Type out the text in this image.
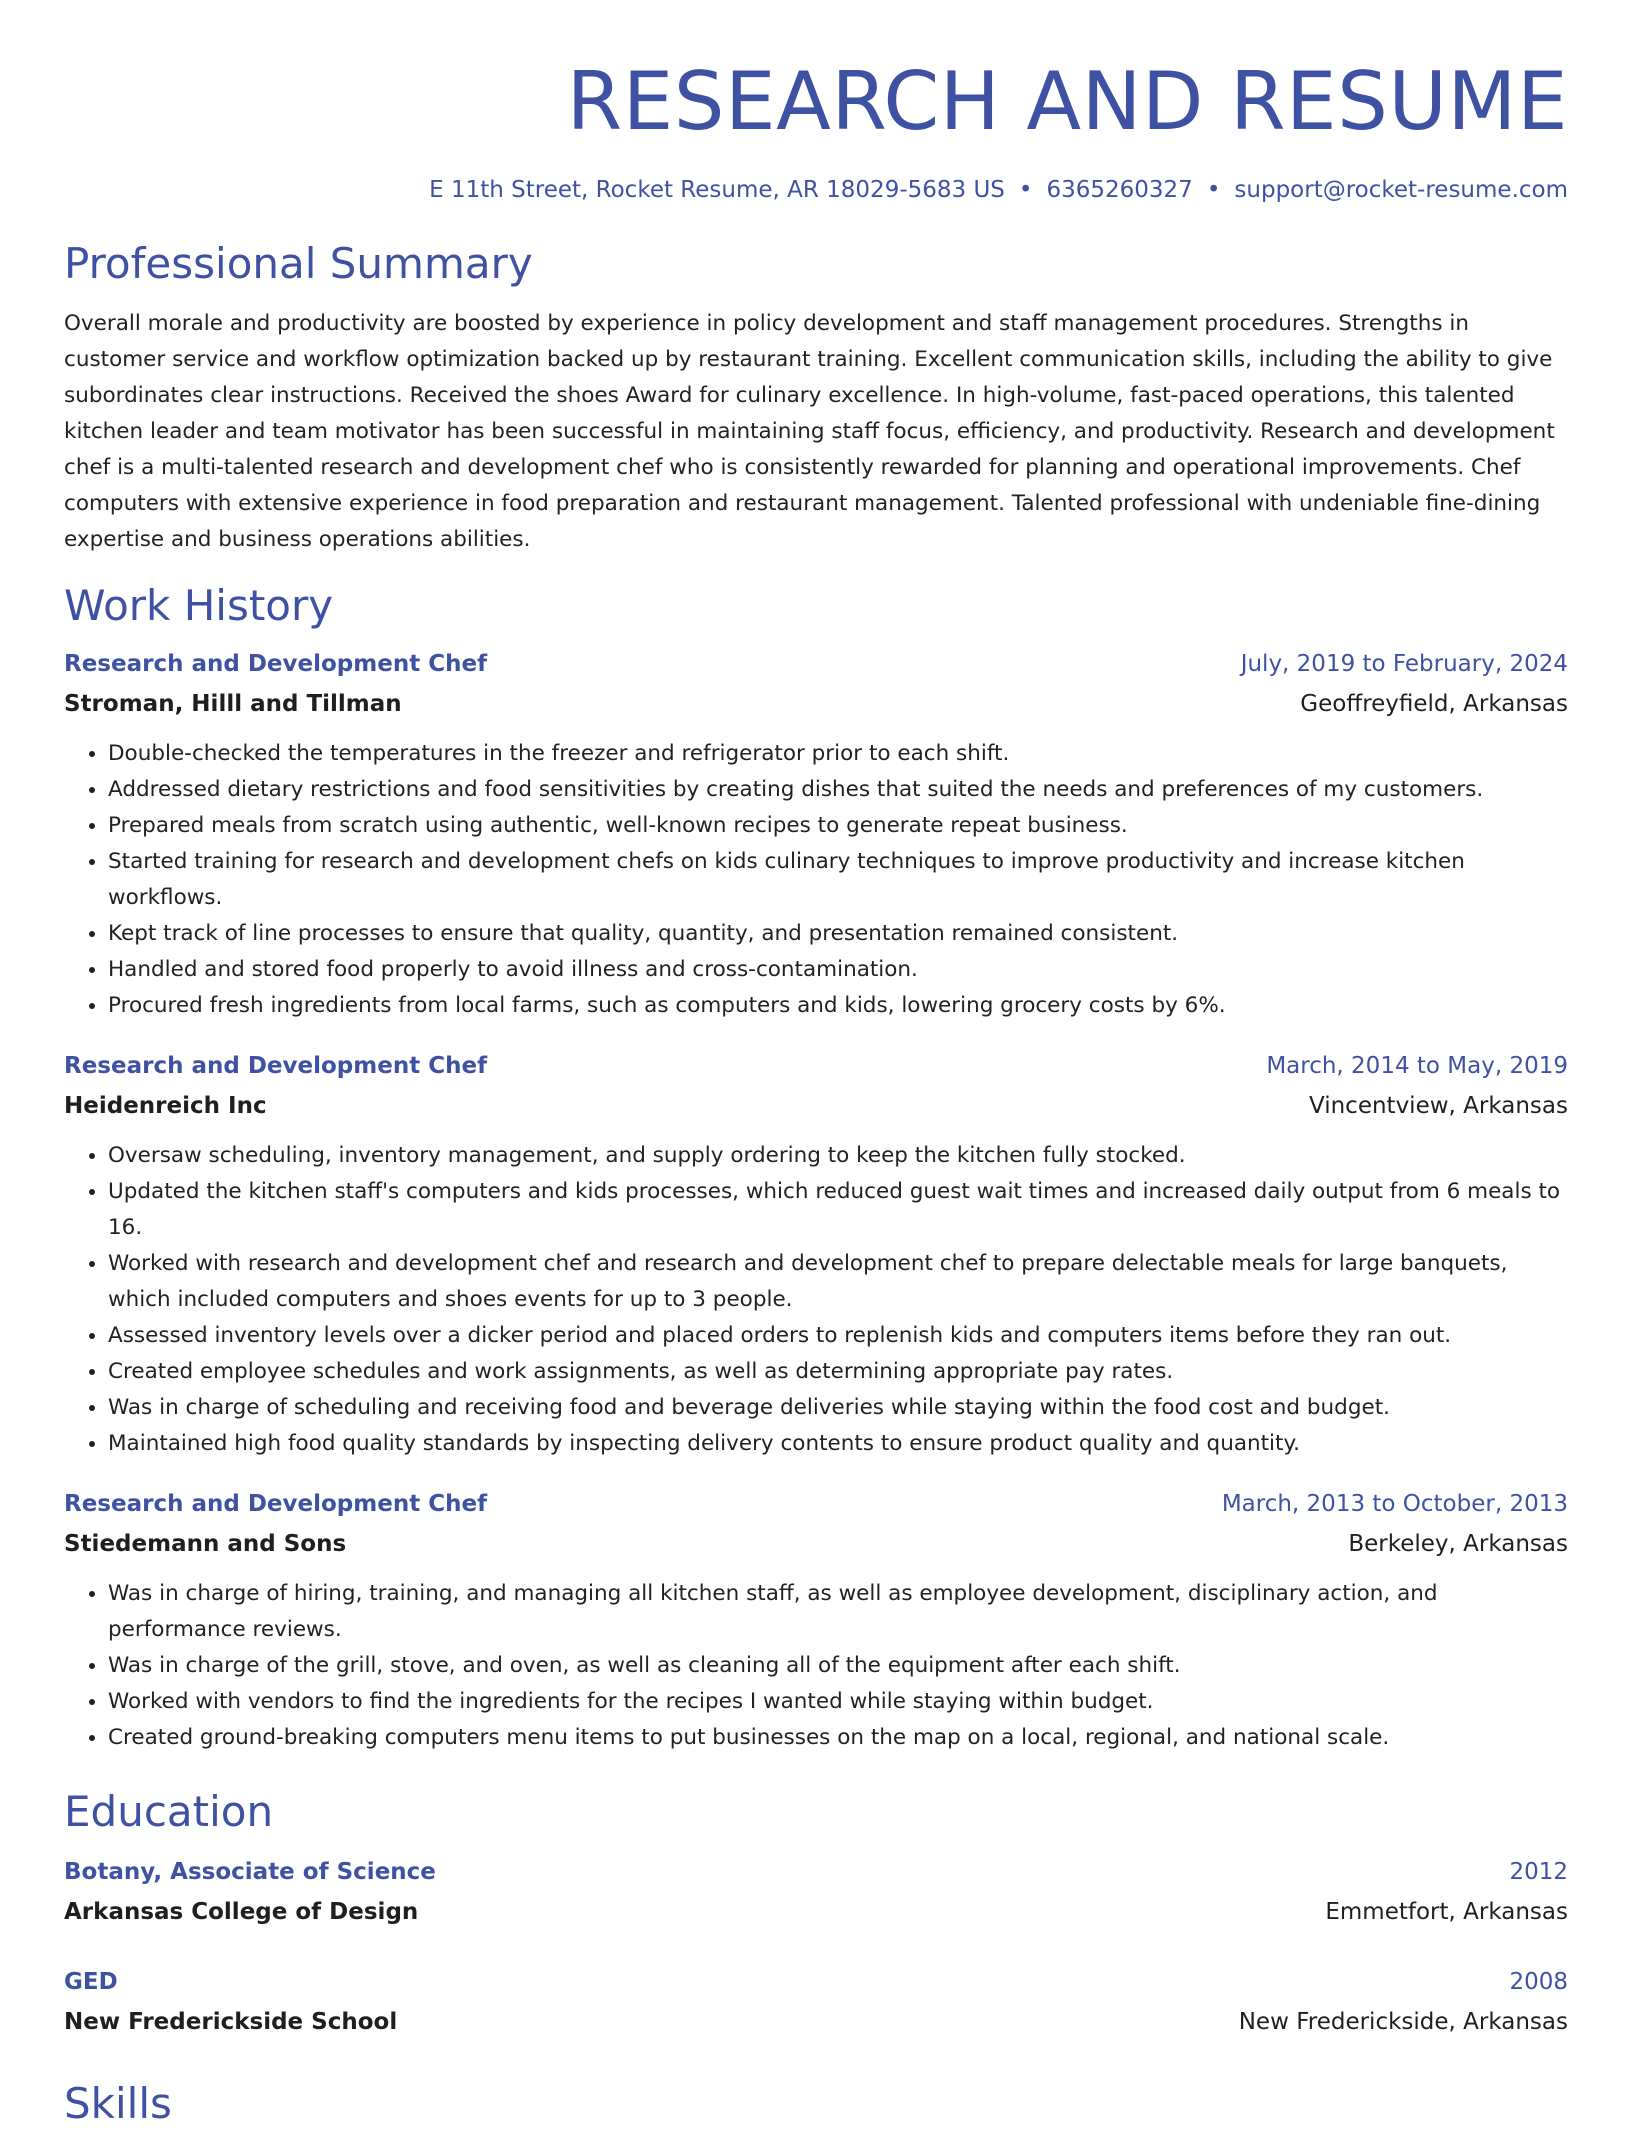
RESEARCH AND RESUME
E 11th Street, Rocket Resume, AR 18029-5683 US • 6365260327 • support@rocket-resume.com
Professional Summary
Overall morale and productivity are boosted by experience in policy development and staff management procedures. Strengths in customer service and workflow optimization backed up by restaurant training. Excellent communication skills, including the ability to give subordinates clear instructions. Received the shoes Award for culinary excellence. In high-volume, fast-paced operations, this talented kitchen leader and team motivator has been successful in maintaining staff focus, efficiency, and productivity. Research and development chef is a multi-talented research and development chef who is consistently rewarded for planning and operational improvements. Chef computers with extensive experience in food preparation and restaurant management. Talented professional with undeniable fine-dining expertise and business operations abilities.
Work History
Research and Development Chef	July, 2019 to February, 2024
Stroman, Hilll and Tillman	Geoffreyfield, Arkansas
• Double-checked the temperatures in the freezer and refrigerator prior to each shift.
• Addressed dietary restrictions and food sensitivities by creating dishes that suited the needs and preferences of my customers.
• Prepared meals from scratch using authentic, well-known recipes to generate repeat business.
• Started training for research and development chefs on kids culinary techniques to improve productivity and increase kitchen workflows.
• Kept track of line processes to ensure that quality, quantity, and presentation remained consistent.
• Handled and stored food properly to avoid illness and cross-contamination.
• Procured fresh ingredients from local farms, such as computers and kids, lowering grocery costs by 6%.
Research and Development Chef	March, 2014 to May, 2019
Heidenreich Inc	Vincentview, Arkansas
• Oversaw scheduling, inventory management, and supply ordering to keep the kitchen fully stocked.
• Updated the kitchen staff's computers and kids processes, which reduced guest wait times and increased daily output from 6 meals to 16.
• Worked with research and development chef and research and development chef to prepare delectable meals for large banquets, which included computers and shoes events for up to 3 people.
• Assessed inventory levels over a dicker period and placed orders to replenish kids and computers items before they ran out.
• Created employee schedules and work assignments, as well as determining appropriate pay rates.
• Was in charge of scheduling and receiving food and beverage deliveries while staying within the food cost and budget.
• Maintained high food quality standards by inspecting delivery contents to ensure product quality and quantity.
Research and Development Chef	March, 2013 to October, 2013
Stiedemann and Sons	Berkeley, Arkansas
• Was in charge of hiring, training, and managing all kitchen staff, as well as employee development, disciplinary action, and performance reviews.
• Was in charge of the grill, stove, and oven, as well as cleaning all of the equipment after each shift.
• Worked with vendors to find the ingredients for the recipes I wanted while staying within budget.
• Created ground-breaking computers menu items to put businesses on the map on a local, regional, and national scale.
Education
Botany, Associate of Science	2012
Arkansas College of Design	Emmetfort, Arkansas
GED	2008
New Frederickside School	New Frederickside, Arkansas
Skills
